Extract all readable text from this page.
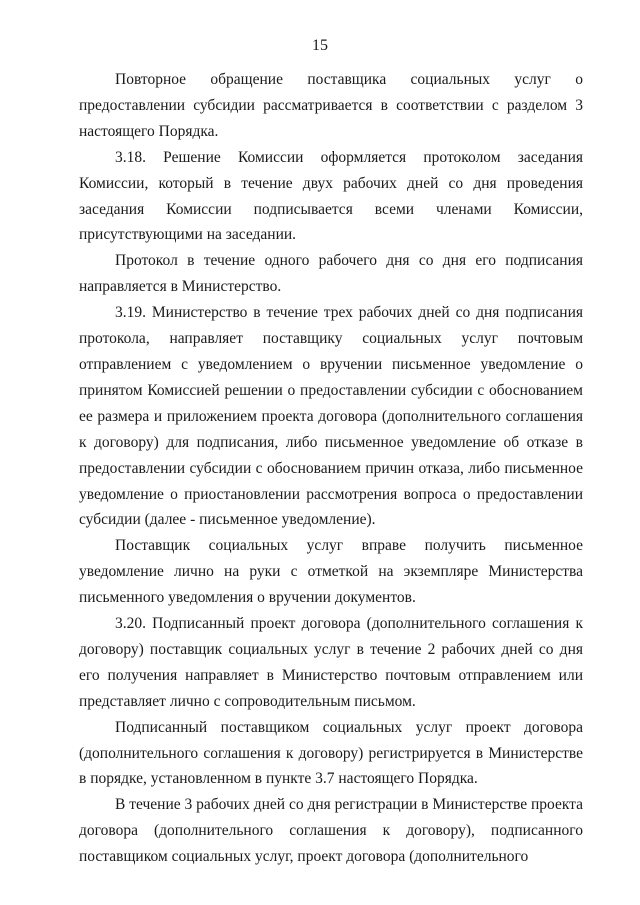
15

Повторное обращение поставщика социальных услуг о предоставлении субсидии рассматривается в соответствии с разделом 3 настоящего Порядка.

3.18. Решение Комиссии оформляется протоколом заседания Комиссии, который в течение двух рабочих дней со дня проведения заседания Комиссии подписывается всеми членами Комиссии, присутствующими на заседании.

Протокол в течение одного рабочего дня со дня его подписания направляется в Министерство.

3.19. Министерство в течение трех рабочих дней со дня подписания протокола, направляет поставщику социальных услуг почтовым отправлением с уведомлением о вручении письменное уведомление о принятом Комиссией решении о предоставлении субсидии с обоснованием ее размера и приложением проекта договора (дополнительного соглашения к договору) для подписания, либо письменное уведомление об отказе в предоставлении субсидии с обоснованием причин отказа, либо письменное уведомление о приостановлении рассмотрения вопроса о предоставлении субсидии (далее - письменное уведомление).

Поставщик социальных услуг вправе получить письменное уведомление лично на руки с отметкой на экземпляре Министерства письменного уведомления о вручении документов.

3.20. Подписанный проект договора (дополнительного соглашения к договору) поставщик социальных услуг в течение 2 рабочих дней со дня его получения направляет в Министерство почтовым отправлением или представляет лично с сопроводительным письмом.

Подписанный поставщиком социальных услуг проект договора (дополнительного соглашения к договору) регистрируется в Министерстве в порядке, установленном в пункте 3.7 настоящего Порядка.

В течение 3 рабочих дней со дня регистрации в Министерстве проекта договора (дополнительного соглашения к договору), подписанного поставщиком социальных услуг, проект договора (дополнительного
